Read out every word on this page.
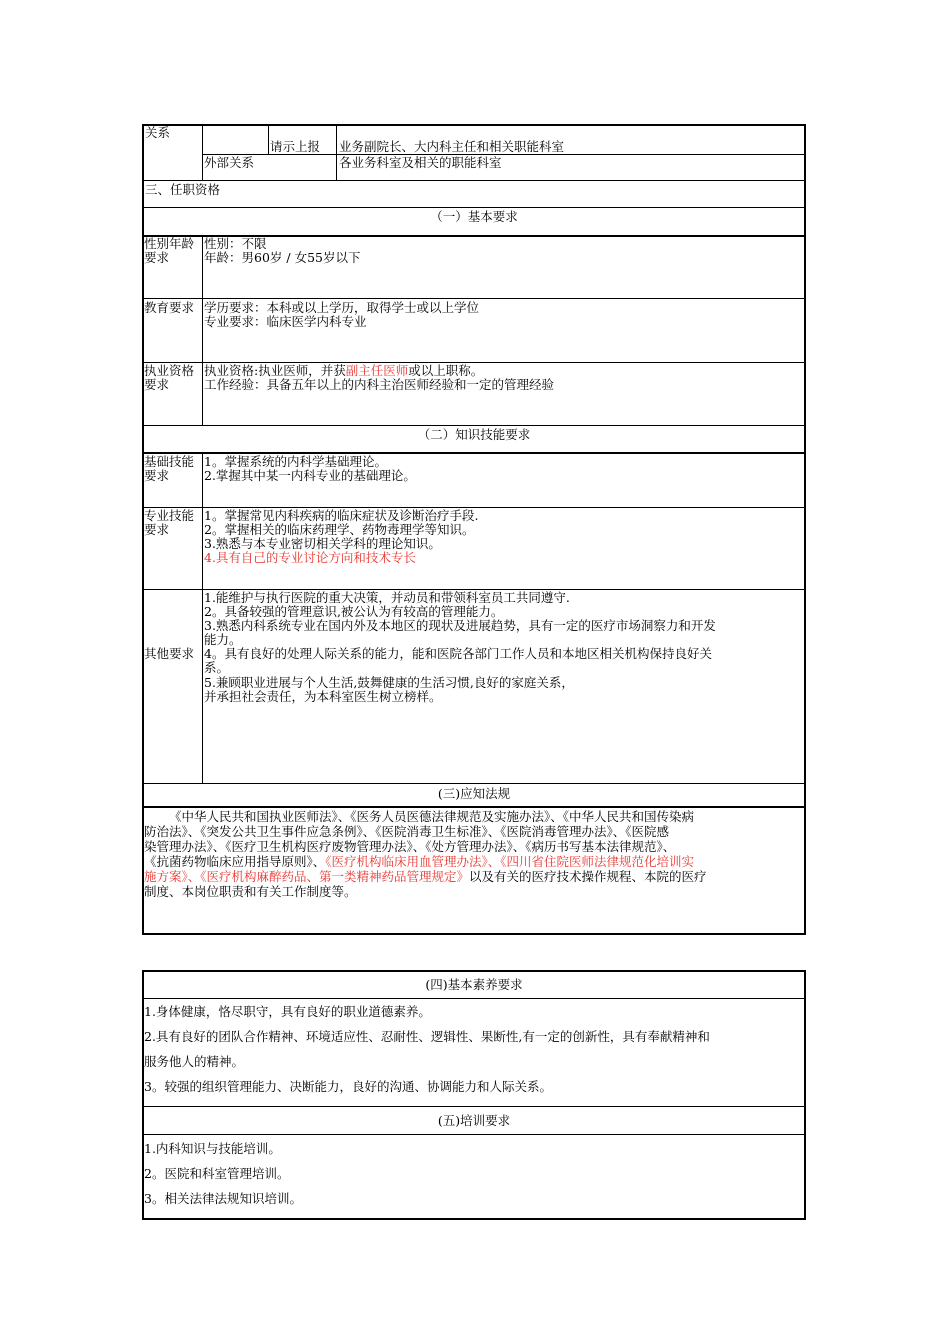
关系
请示上报 业务副院长、大内科主任和相关职能科室
外部关系	各业务科室及相关的职能科室
三、任职资格
（一）基本要求
性别年龄
要求
性别：不限
年龄：男60岁 / 女55岁以下
教育要求 学历要求：本科或以上学历，取得学士或以上学位
专业要求：临床医学内科专业
执业资格
要求
执业资格:执业医师，并获副主任医师或以上职称。
工作经验：具备五年以上的内科主治医师经验和一定的管理经验
（二）知识技能要求
基础技能
要求
1。掌握系统的内科学基础理论。
2.掌握其中某一内科专业的基础理论。
专业技能
要求
1。掌握常见内科疾病的临床症状及诊断治疗手段.
2。掌握相关的临床药理学、药物毒理学等知识。
3.熟悉与本专业密切相关学科的理论知识。
4.具有自己的专业讨论方向和技术专长
其他要求
1.能维护与执行医院的重大决策，并动员和带领科室员工共同遵守.
2。具备较强的管理意识,被公认为有较高的管理能力。
3.熟悉内科系统专业在国内外及本地区的现状及进展趋势，具有一定的医疗市场洞察力和开发
能力。
4。具有良好的处理人际关系的能力，能和医院各部门工作人员和本地区相关机构保持良好关
系。
5.兼顾职业进展与个人生活,鼓舞健康的生活习惯,良好的家庭关系，
并承担社会责任，为本科室医生树立榜样。
(三)应知法规
《中华人民共和国执业医师法》、《医务人员医德法律规范及实施办法》、《中华人民共和国传染病
防治法》、《突发公共卫生事件应急条例》、《医院消毒卫生标准》、《医院消毒管理办法》、《医院感
染管理办法》、《医疗卫生机构医疗废物管理办法》、《处方管理办法》、《病历书写基本法律规范》、
《抗菌药物临床应用指导原则》、《医疗机构临床用血管理办法》、《四川省住院医师法律规范化培训实
施方案》、《医疗机构麻醉药品、第一类精神药品管理规定》以及有关的医疗技术操作规程、本院的医疗
制度、本岗位职责和有关工作制度等。
(四)基本素养要求
1.身体健康，恪尽职守，具有良好的职业道德素养。
2.具有良好的团队合作精神、环境适应性、忍耐性、逻辑性、果断性,有一定的创新性，具有奉献精神和
服务他人的精神。
3。较强的组织管理能力、决断能力，良好的沟通、协调能力和人际关系。
(五)培训要求
1.内科知识与技能培训。
2。医院和科室管理培训。
3。相关法律法规知识培训。
